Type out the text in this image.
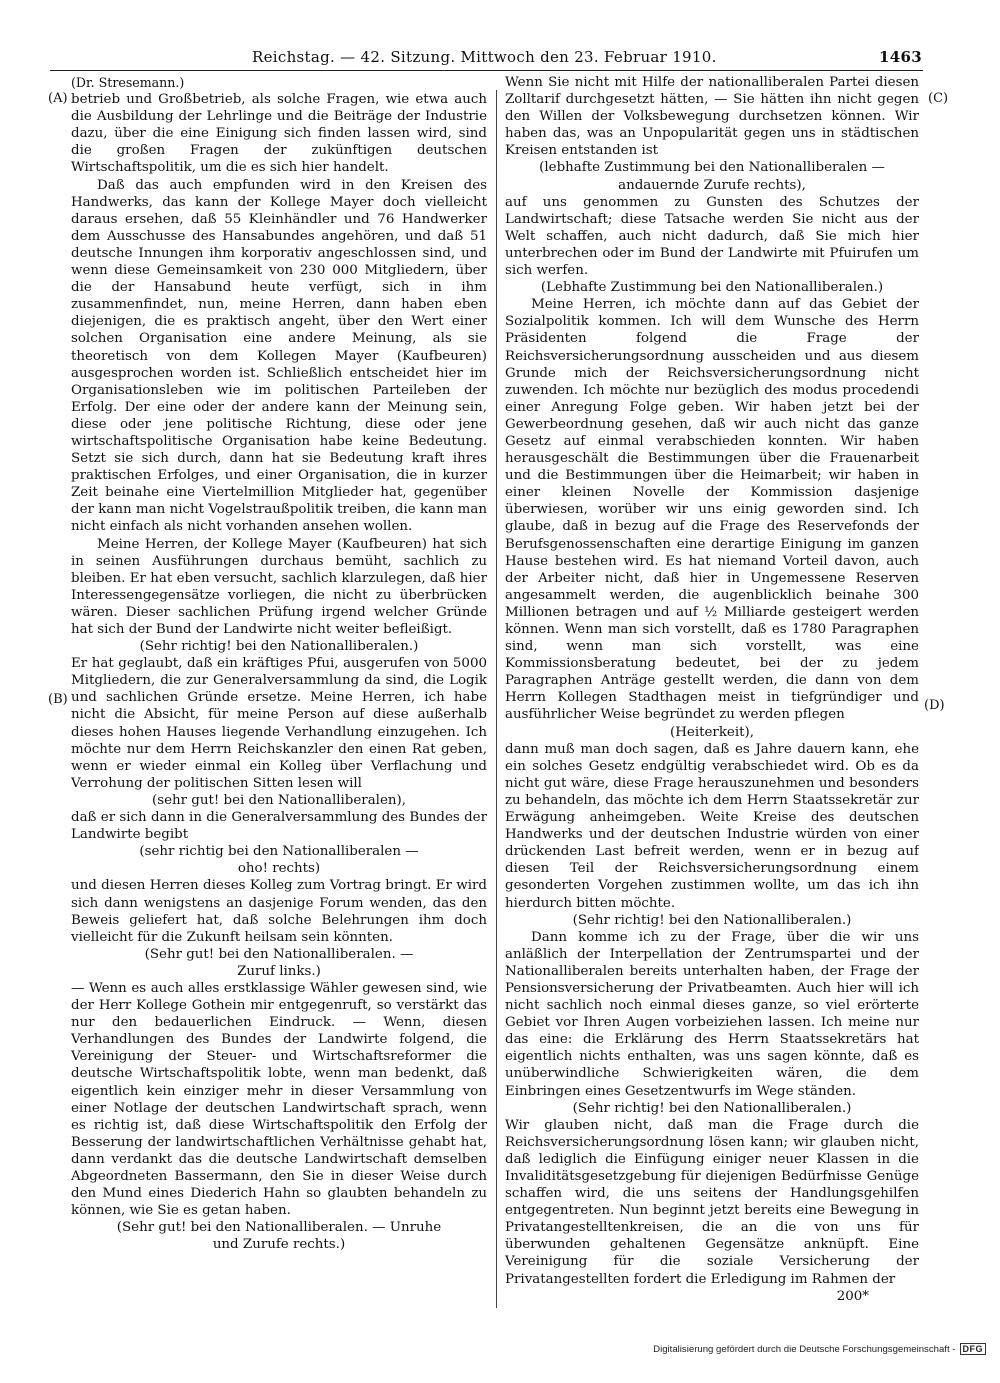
Reichstag. — 42. Sitzung. Mittwoch den 23. Februar 1910.	1463
(A)
(B)
(C)
(D)

(Dr. Stresemann.)

betrieb und Großbetrieb, als solche Fragen, wie etwa auch die Ausbildung der Lehrlinge und die Beiträge der Industrie dazu, über die eine Einigung sich finden lassen wird, sind die großen Fragen der zukünftigen deutschen Wirtschaftspolitik, um die es sich hier handelt.

Daß das auch empfunden wird in den Kreisen des Handwerks, das kann der Kollege Mayer doch vielleicht daraus ersehen, daß 55 Kleinhändler und 76 Handwerker dem Ausschusse des Hansabundes angehören, und daß 51 deutsche Innungen ihm korporativ angeschlossen sind, und wenn diese Gemeinsamkeit von 230 000 Mitgliedern, über die der Hansabund heute verfügt, sich in ihm zusammenfindet, nun, meine Herren, dann haben eben diejenigen, die es praktisch angeht, über den Wert einer solchen Organisation eine andere Meinung, als sie theoretisch von dem Kollegen Mayer (Kaufbeuren) ausgesprochen worden ist. Schließlich entscheidet hier im Organisationsleben wie im politischen Parteileben der Erfolg. Der eine oder der andere kann der Meinung sein, diese oder jene politische Richtung, diese oder jene wirtschaftspolitische Organisation habe keine Bedeutung. Setzt sie sich durch, dann hat sie Bedeutung kraft ihres praktischen Erfolges, und einer Organisation, die in kurzer Zeit beinahe eine Viertelmillion Mitglieder hat, gegenüber der kann man nicht Vogelstraußpolitik treiben, die kann man nicht einfach als nicht vorhanden ansehen wollen.

Meine Herren, der Kollege Mayer (Kaufbeuren) hat sich in seinen Ausführungen durchaus bemüht, sachlich zu bleiben. Er hat eben versucht, sachlich klarzulegen, daß hier Interessengegensätze vorliegen, die nicht zu überbrücken wären. Dieser sachlichen Prüfung irgend welcher Gründe hat sich der Bund der Landwirte nicht weiter befleißigt.

(Sehr richtig! bei den Nationalliberalen.)

Er hat geglaubt, daß ein kräftiges Pfui, ausgerufen von 5000 Mitgliedern, die zur Generalversammlung da sind, die Logik und sachlichen Gründe ersetze. Meine Herren, ich habe nicht die Absicht, für meine Person auf diese außerhalb dieses hohen Hauses liegende Verhandlung einzugehen. Ich möchte nur dem Herrn Reichskanzler den einen Rat geben, wenn er wieder einmal ein Kolleg über Verflachung und Verrohung der politischen Sitten lesen will

(sehr gut! bei den Nationalliberalen),

daß er sich dann in die Generalversammlung des Bundes der Landwirte begibt

(sehr richtig bei den Nationalliberalen —

oho! rechts)

und diesen Herren dieses Kolleg zum Vortrag bringt. Er wird sich dann wenigstens an dasjenige Forum wenden, das den Beweis geliefert hat, daß solche Belehrungen ihm doch vielleicht für die Zukunft heilsam sein könnten.

(Sehr gut! bei den Nationalliberalen. —

Zuruf links.)

— Wenn es auch alles erstklassige Wähler gewesen sind, wie der Herr Kollege Gothein mir entgegenruft, so verstärkt das nur den bedauerlichen Eindruck. — Wenn, diesen Verhandlungen des Bundes der Landwirte folgend, die Vereinigung der Steuer- und Wirtschaftsreformer die deutsche Wirtschaftspolitik lobte, wenn man bedenkt, daß eigentlich kein einziger mehr in dieser Versammlung von einer Notlage der deutschen Landwirtschaft sprach, wenn es richtig ist, daß diese Wirtschaftspolitik den Erfolg der Besserung der landwirtschaftlichen Verhältnisse gehabt hat, dann verdankt das die deutsche Landwirtschaft demselben Abgeordneten Bassermann, den Sie in dieser Weise durch den Mund eines Diederich Hahn so glaubten behandeln zu können, wie Sie es getan haben.

(Sehr gut! bei den Nationalliberalen. — Unruhe

und Zurufe rechts.)

Wenn Sie nicht mit Hilfe der nationalliberalen Partei diesen Zolltarif durchgesetzt hätten, — Sie hätten ihn nicht gegen den Willen der Volksbewegung durchsetzen können. Wir haben das, was an Unpopularität gegen uns in städtischen Kreisen entstanden ist

(lebhafte Zustimmung bei den Nationalliberalen —

andauernde Zurufe rechts),

auf uns genommen zu Gunsten des Schutzes der Landwirtschaft; diese Tatsache werden Sie nicht aus der Welt schaffen, auch nicht dadurch, daß Sie mich hier unterbrechen oder im Bund der Landwirte mit Pfuirufen um sich werfen.

(Lebhafte Zustimmung bei den Nationalliberalen.)

Meine Herren, ich möchte dann auf das Gebiet der Sozialpolitik kommen. Ich will dem Wunsche des Herrn Präsidenten folgend die Frage der Reichsversicherungsordnung ausscheiden und aus diesem Grunde mich der Reichsversicherungsordnung nicht zuwenden. Ich möchte nur bezüglich des modus procedendi einer Anregung Folge geben. Wir haben jetzt bei der Gewerbeordnung gesehen, daß wir auch nicht das ganze Gesetz auf einmal verabschieden konnten. Wir haben herausgeschält die Bestimmungen über die Frauenarbeit und die Bestimmungen über die Heimarbeit; wir haben in einer kleinen Novelle der Kommission dasjenige überwiesen, worüber wir uns einig geworden sind. Ich glaube, daß in bezug auf die Frage des Reservefonds der Berufsgenossenschaften eine derartige Einigung im ganzen Hause bestehen wird. Es hat niemand Vorteil davon, auch der Arbeiter nicht, daß hier in Ungemessene Reserven angesammelt werden, die augenblicklich beinahe 300 Millionen betragen und auf ½ Milliarde gesteigert werden können. Wenn man sich vorstellt, daß es 1780 Paragraphen sind, wenn man sich vorstellt, was eine Kommissionsberatung bedeutet, bei der zu jedem Paragraphen Anträge gestellt werden, die dann von dem Herrn Kollegen Stadthagen meist in tiefgründiger und ausführlicher Weise begründet zu werden pflegen

(Heiterkeit),

dann muß man doch sagen, daß es Jahre dauern kann, ehe ein solches Gesetz endgültig verabschiedet wird. Ob es da nicht gut wäre, diese Frage herauszunehmen und besonders zu behandeln, das möchte ich dem Herrn Staatssekretär zur Erwägung anheimgeben. Weite Kreise des deutschen Handwerks und der deutschen Industrie würden von einer drückenden Last befreit werden, wenn er in bezug auf diesen Teil der Reichsversicherungsordnung einem gesonderten Vorgehen zustimmen wollte, um das ich ihn hierdurch bitten möchte.

(Sehr richtig! bei den Nationalliberalen.)

Dann komme ich zu der Frage, über die wir uns anläßlich der Interpellation der Zentrumspartei und der Nationalliberalen bereits unterhalten haben, der Frage der Pensionsversicherung der Privatbeamten. Auch hier will ich nicht sachlich noch einmal dieses ganze, so viel erörterte Gebiet vor Ihren Augen vorbeiziehen lassen. Ich meine nur das eine: die Erklärung des Herrn Staatssekretärs hat eigentlich nichts enthalten, was uns sagen könnte, daß es unüberwindliche Schwierigkeiten wären, die dem Einbringen eines Gesetzentwurfs im Wege ständen.

(Sehr richtig! bei den Nationalliberalen.)

Wir glauben nicht, daß man die Frage durch die Reichsversicherungsordnung lösen kann; wir glauben nicht, daß lediglich die Einfügung einiger neuer Klassen in die Invaliditätsgesetzgebung für diejenigen Bedürfnisse Genüge schaffen wird, die uns seitens der Handlungsgehilfen entgegentreten. Nun beginnt jetzt bereits eine Bewegung in Privatangestelltenkreisen, die an die von uns für überwunden gehaltenen Gegensätze anknüpft. Eine Vereinigung für die soziale Versicherung der Privatangestellten fordert die Erledigung im Rahmen der

200*

Digitalisierung gefördert durch die Deutsche Forschungsgemeinschaft - DFG
